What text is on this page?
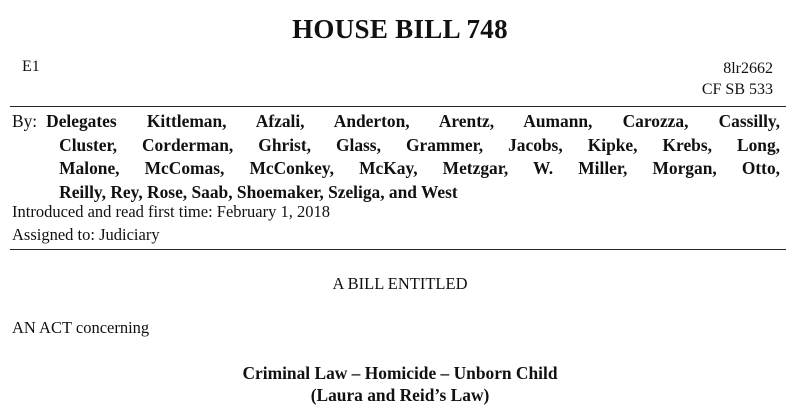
HOUSE BILL 748
E1	8lr2662
CF SB 533
By: Delegates Kittleman, Afzali, Anderton, Arentz, Aumann, Carozza, Cassilly,
Cluster, Corderman, Ghrist, Glass, Grammer, Jacobs, Kipke, Krebs, Long,
Malone, McComas, McConkey, McKay, Metzgar, W. Miller, Morgan, Otto,
Reilly, Rey, Rose, Saab, Shoemaker, Szeliga, and West
Introduced and read first time: February 1, 2018
Assigned to: Judiciary
A BILL ENTITLED
AN ACT concerning
Criminal Law – Homicide – Unborn Child
(Laura and Reid’s Law)
